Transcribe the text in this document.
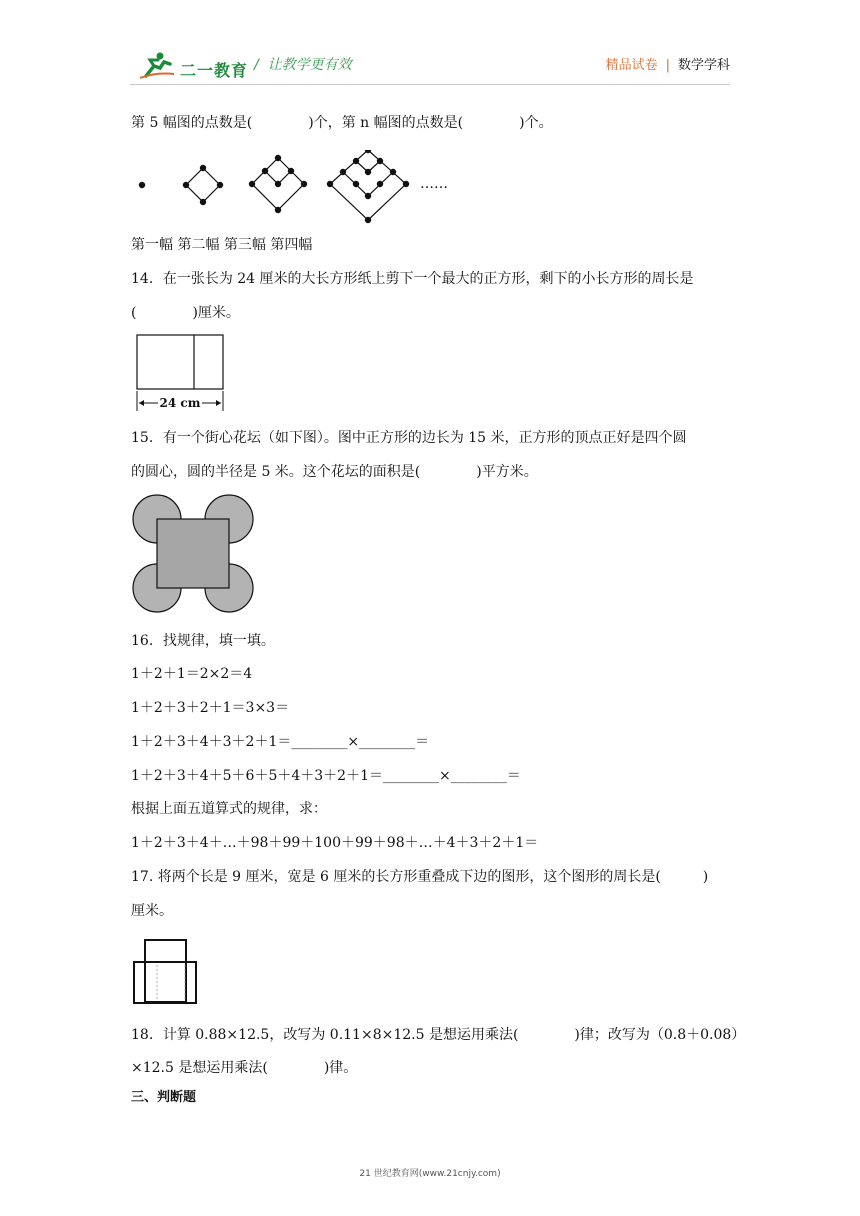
二一教育 /  让教学更有效	精品试卷 | 数学学科
第 5 幅图的点数是(　　　　)个，第 n 幅图的点数是(　　　　)个。
……
第一幅 第二幅 第三幅 第四幅
14．在一张长为 24 厘米的大长方形纸上剪下一个最大的正方形，剩下的小长方形的周长是
(　　　　)厘米。
24 cm
15．有一个街心花坛（如下图）。图中正方形的边长为 15 米，正方形的顶点正好是四个圆
的圆心，圆的半径是 5 米。这个花坛的面积是(　　　　)平方米。
16．找规律，填一填。
1＋2＋1＝2×2＝4
1＋2＋3＋2＋1＝3×3＝
1＋2＋3＋4＋3＋2＋1＝________×________＝
1＋2＋3＋4＋5＋6＋5＋4＋3＋2＋1＝________×________＝
根据上面五道算式的规律，求：
1＋2＋3＋4＋…＋98＋99＋100＋99＋98＋…＋4＋3＋2＋1＝
17. 将两个长是 9 厘米，宽是 6 厘米的长方形重叠成下边的图形，这个图形的周长是(　　　)
厘米。
18．计算 0.88×12.5，改写为 0.11×8×12.5 是想运用乘法(　　　　)律；改写为（0.8＋0.08）
×12.5 是想运用乘法(　　　　)律。
三、判断题
21 世纪教育网(www.21cnjy.com)
